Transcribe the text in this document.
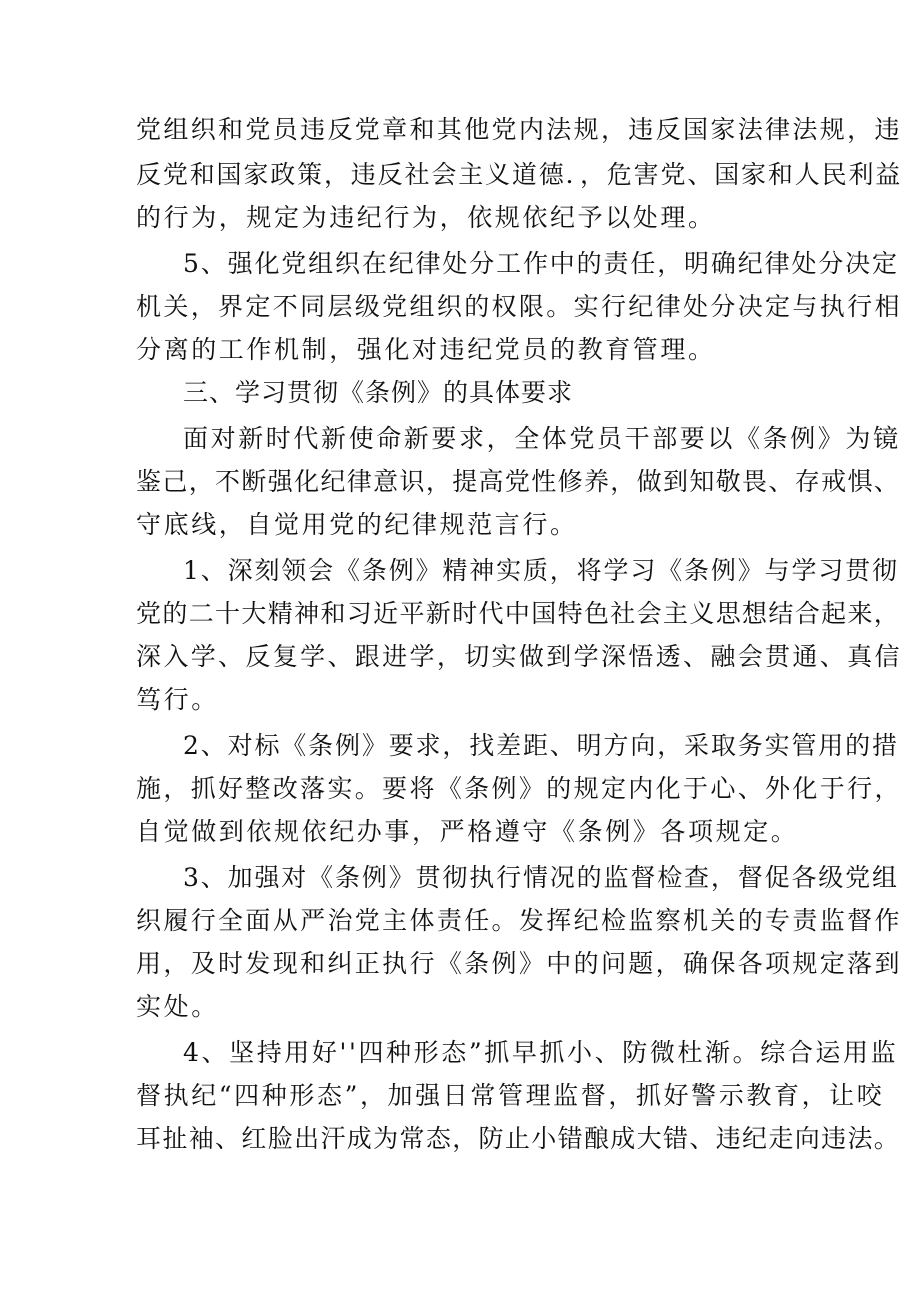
党组织和党员违反党章和其他党内法规，违反国家法律法规，违
反党和国家政策，违反社会主义道德．，危害党、国家和人民利益
的行为，规定为违纪行为，依规依纪予以处理。
5、强化党组织在纪律处分工作中的责任，明确纪律处分决定
机关，界定不同层级党组织的权限。实行纪律处分决定与执行相
分离的工作机制，强化对违纪党员的教育管理。
三、学习贯彻《条例》的具体要求
面对新时代新使命新要求，全体党员干部要以《条例》为镜
鉴己，不断强化纪律意识，提高党性修养，做到知敬畏、存戒惧、
守底线，自觉用党的纪律规范言行。
1、深刻领会《条例》精神实质，将学习《条例》与学习贯彻
党的二十大精神和习近平新时代中国特色社会主义思想结合起来，
深入学、反复学、跟进学，切实做到学深悟透、融会贯通、真信
笃行。
2、对标《条例》要求，找差距、明方向，采取务实管用的措
施，抓好整改落实。要将《条例》的规定内化于心、外化于行，
自觉做到依规依纪办事，严格遵守《条例》各项规定。
3、加强对《条例》贯彻执行情况的监督检查，督促各级党组
织履行全面从严治党主体责任。发挥纪检监察机关的专责监督作
用，及时发现和纠正执行《条例》中的问题，确保各项规定落到
实处。
4、坚持用好''四种形态”抓早抓小、防微杜渐。综合运用监
督执纪“四种形态”，加强日常管理监督，抓好警示教育，让咬
耳扯袖、红脸出汗成为常态，防止小错酿成大错、违纪走向违法。
